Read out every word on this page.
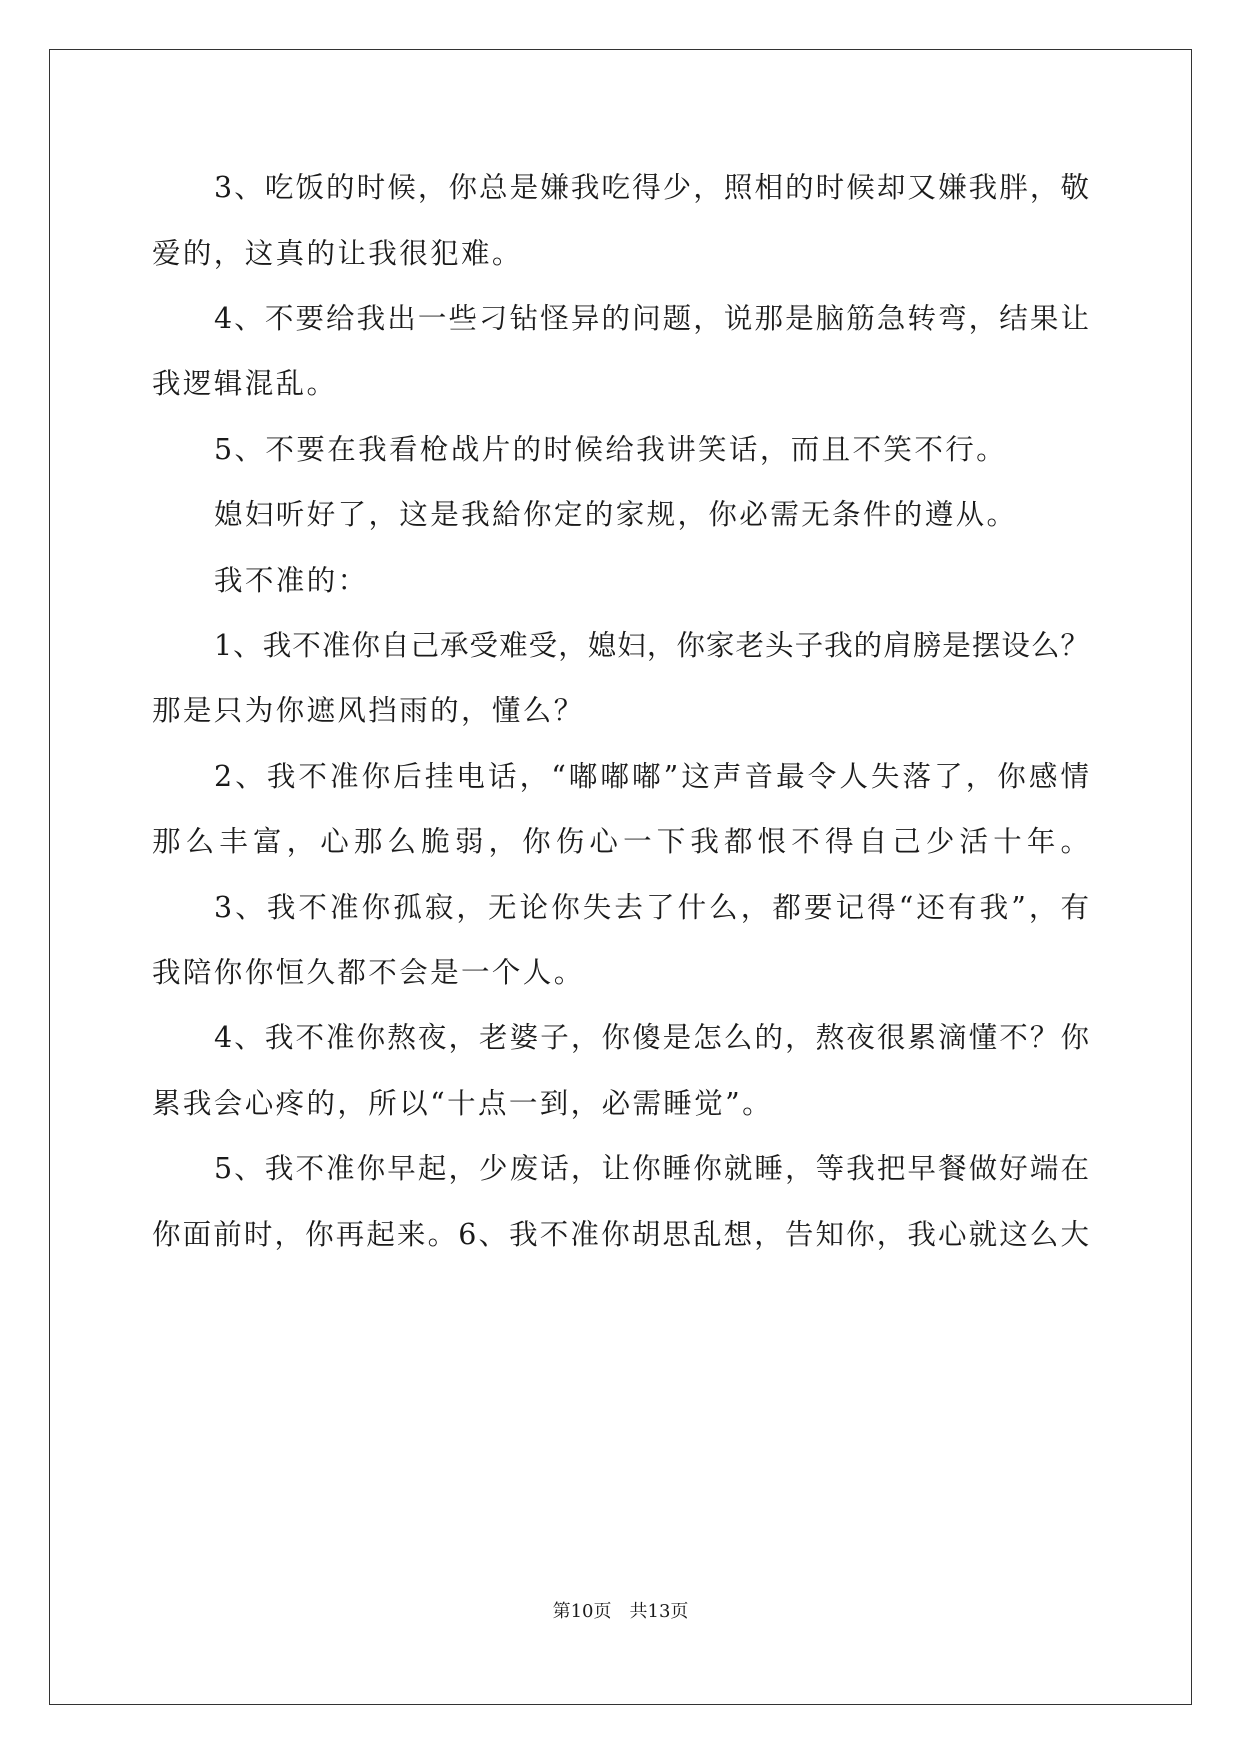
3、吃饭的时候，你总是嫌我吃得少，照相的时候却又嫌我胖，敬
爱的，这真的让我很犯难。
4、不要给我出一些刁钻怪异的问题，说那是脑筋急转弯，结果让
我逻辑混乱。
5、不要在我看枪战片的时候给我讲笑话，而且不笑不行。
媳妇听好了，这是我給你定的家规，你必需无条件的遵从。
我不准的：
1、我不准你自己承受难受，媳妇，你家老头子我的肩膀是摆设么？
那是只为你遮风挡雨的，懂么？
2、我不准你后挂电话，“嘟嘟嘟”这声音最令人失落了，你感情
那么丰富，心那么脆弱，你伤心一下我都恨不得自己少活十年。
3、我不准你孤寂，无论你失去了什么，都要记得“还有我”，有
我陪你你恒久都不会是一个人。
4、我不准你熬夜，老婆子，你傻是怎么的，熬夜很累滴懂不？你
累我会心疼的，所以“十点一到，必需睡觉”。
5、我不准你早起，少废话，让你睡你就睡，等我把早餐做好端在
你面前时，你再起来。6、我不准你胡思乱想，告知你，我心就这么大
第10页 共13页
